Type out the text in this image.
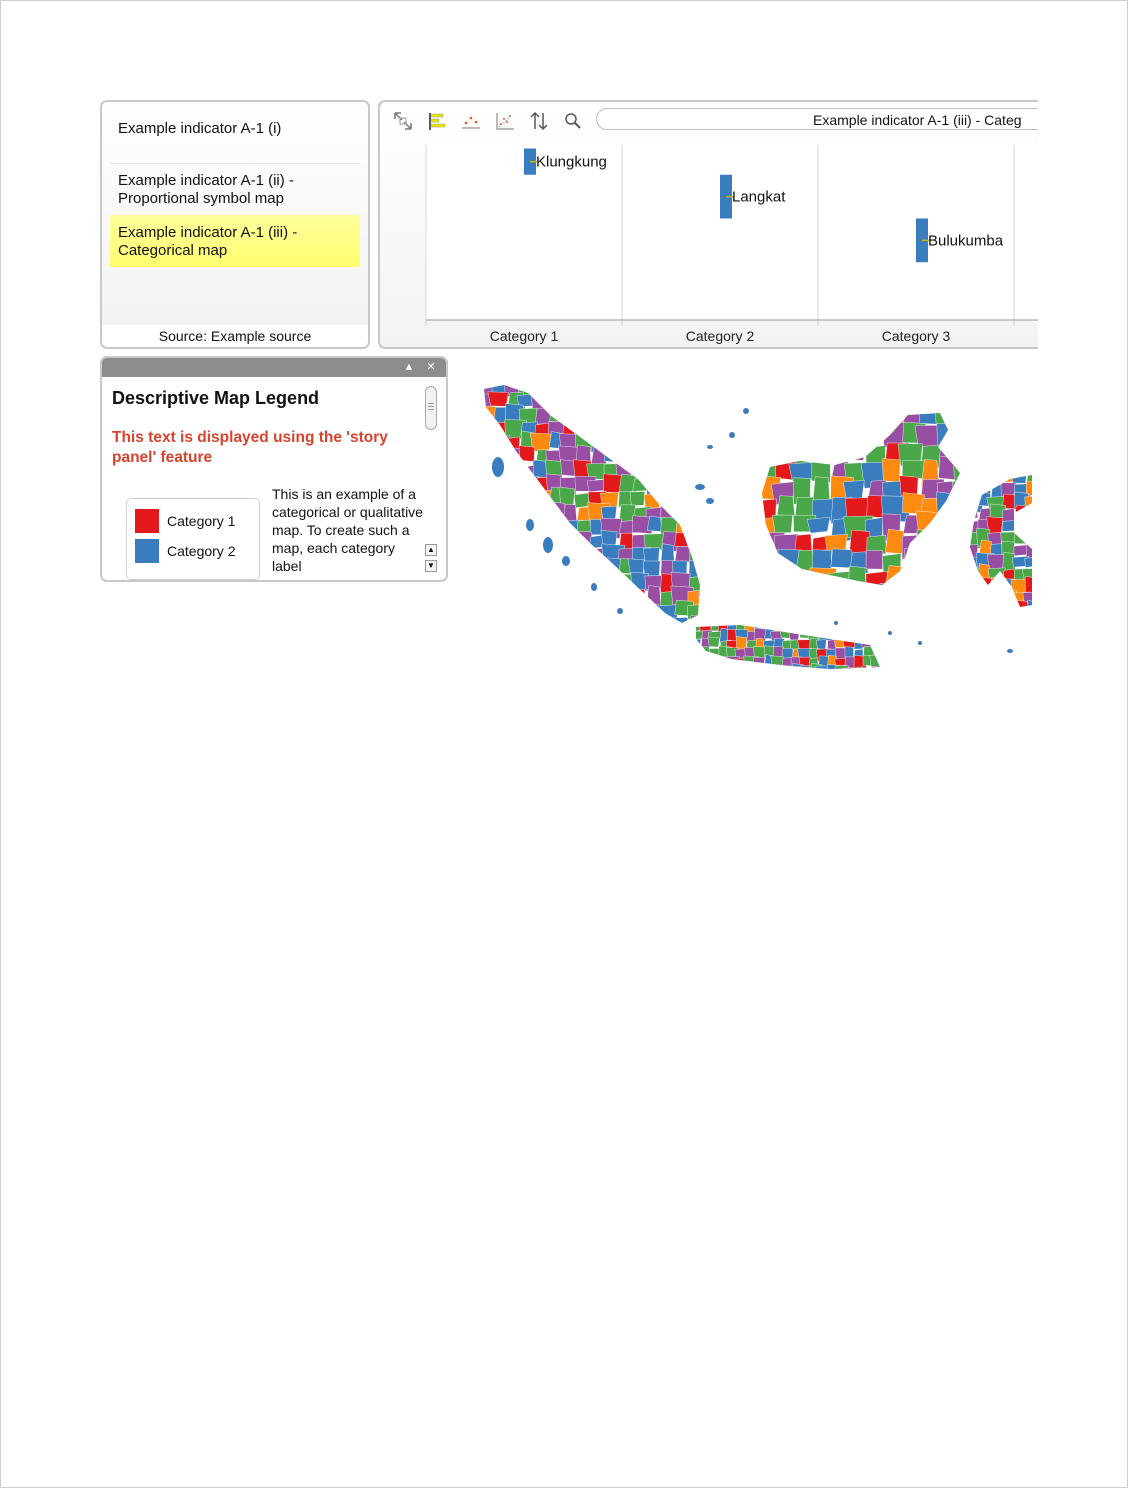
Example indicator A-1 (i)
Example indicator A-1 (ii) -
Proportional symbol map
Example indicator A-1 (iii) -
Categorical map
Source: Example source
Example indicator A-1 (iii) - Categ
Klungkung
Langkat
Bulukumba
Category 1	Category 2	Category 3
▲ ✕
Descriptive Map Legend
This text is displayed using the 'story panel' feature
Category 1
Category 2
This is an example of a categorical or qualitative map. To create such a map, each category label
▲
▼
